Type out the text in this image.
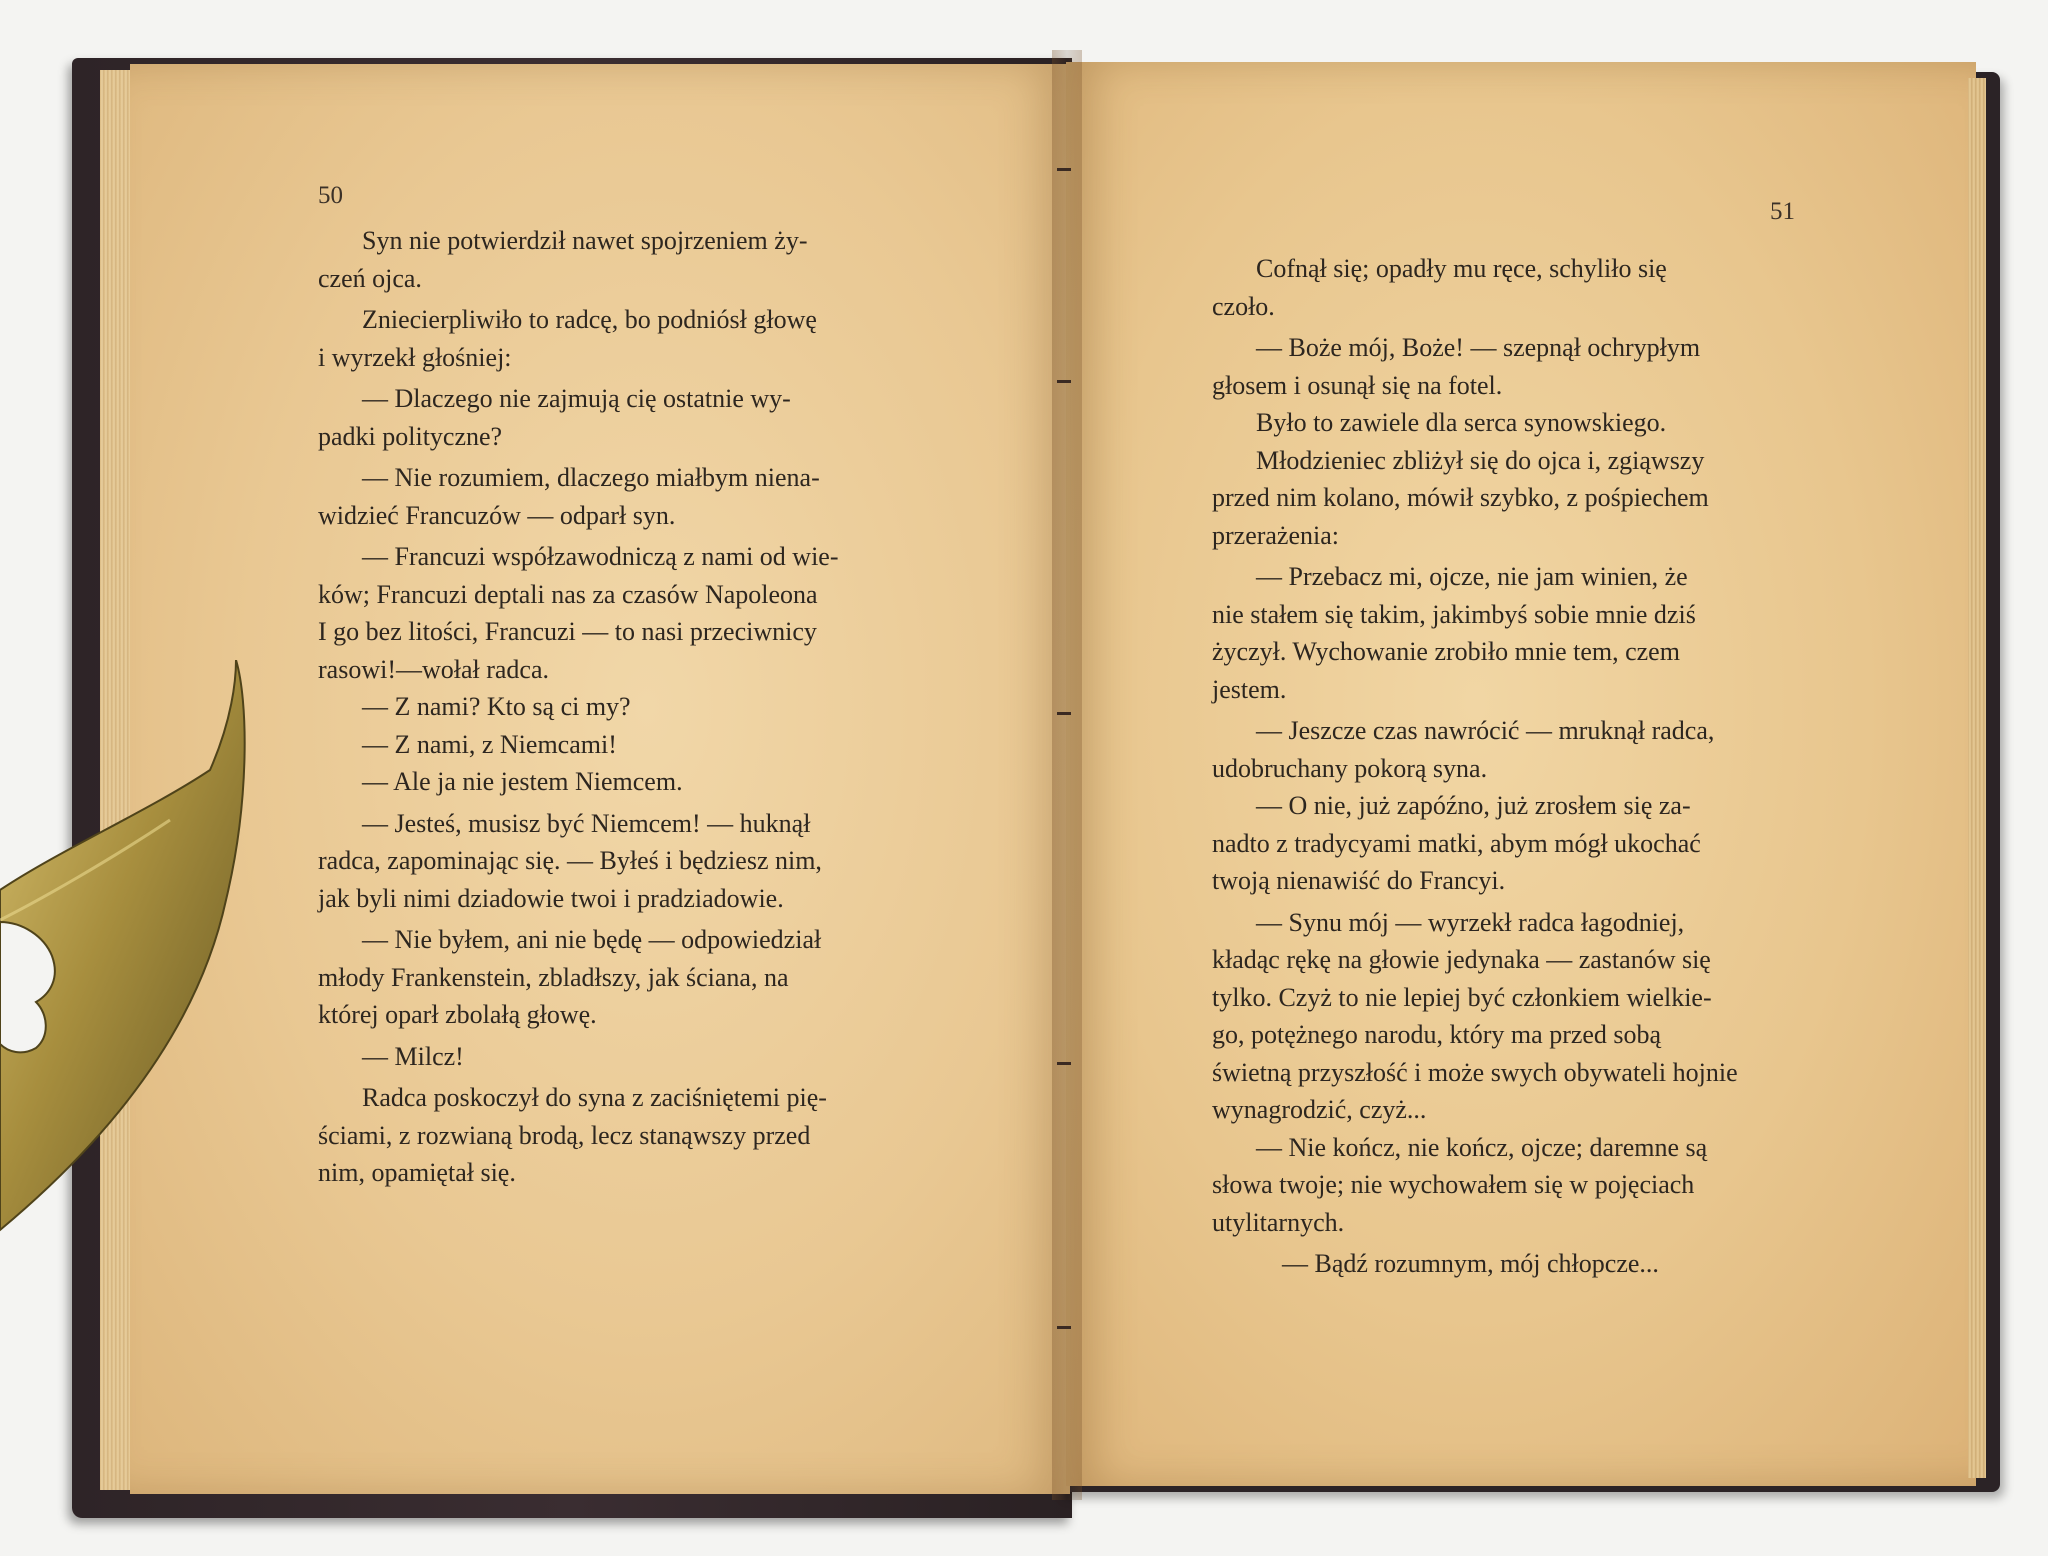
50
Syn nie potwierdził nawet spojrzeniem ży-
czeń ojca.
Zniecierpliwiło to radcę, bo podniósł głowę
i wyrzekł głośniej:
— Dlaczego nie zajmują cię ostatnie wy-
padki polityczne?
— Nie rozumiem, dlaczego miałbym niena-
widzieć Francuzów — odparł syn.
— Francuzi współzawodniczą z nami od wie-
ków; Francuzi deptali nas za czasów Napoleona
I go bez litości, Francuzi — to nasi przeciwnicy
rasowi!—wołał radca.
— Z nami? Kto są ci my?
— Z nami, z Niemcami!
— Ale ja nie jestem Niemcem.
— Jesteś, musisz być Niemcem! — huknął
radca, zapominając się. — Byłeś i będziesz nim,
jak byli nimi dziadowie twoi i pradziadowie.
— Nie byłem, ani nie będę — odpowiedział
młody Frankenstein, zbladłszy, jak ściana, na
której oparł zbolałą głowę.
— Milcz!
Radca poskoczył do syna z zaciśniętemi pię-
ściami, z rozwianą brodą, lecz stanąwszy przed
nim, opamiętał się.
51
Cofnął się; opadły mu ręce, schyliło się
czoło.
— Boże mój, Boże! — szepnął ochrypłym
głosem i osunął się na fotel.
Było to zawiele dla serca synowskiego.
Młodzieniec zbliżył się do ojca i, zgiąwszy
przed nim kolano, mówił szybko, z pośpiechem
przerażenia:
— Przebacz mi, ojcze, nie jam winien, że
nie stałem się takim, jakimbyś sobie mnie dziś
życzył. Wychowanie zrobiło mnie tem, czem
jestem.
— Jeszcze czas nawrócić — mruknął radca,
udobruchany pokorą syna.
— O nie, już zapóźno, już zrosłem się za-
nadto z tradycyami matki, abym mógł ukochać
twoją nienawiść do Francyi.
— Synu mój — wyrzekł radca łagodniej,
kładąc rękę na głowie jedynaka — zastanów się
tylko. Czyż to nie lepiej być członkiem wielkie-
go, potężnego narodu, który ma przed sobą
świetną przyszłość i może swych obywateli hojnie
wynagrodzić, czyż...
— Nie kończ, nie kończ, ojcze; daremne są
słowa twoje; nie wychowałem się w pojęciach
utylitarnych.
— Bądź rozumnym, mój chłopcze...
